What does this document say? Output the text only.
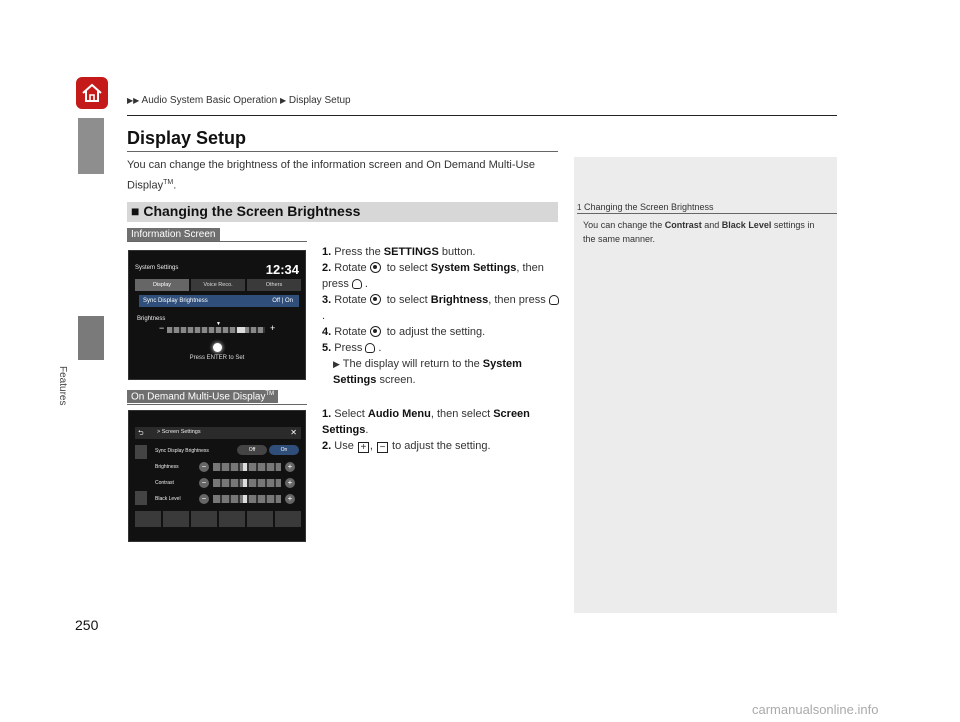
▶▶ Audio System Basic Operation ▶ Display Setup
Features
Display Setup
You can change the brightness of the information screen and On Demand Multi-Use Display™.
■ Changing the Screen Brightness
Information Screen
System Settings	12:34
Display	Voice Reco.	Others
Sync Display Brightness	Off | On
Brightness
−	▼	+
Press ENTER to Set
1. Press the SETTINGS button.
2. Rotate to select System Settings, then press .
3. Rotate to select Brightness, then press.
4. Rotate to adjust the setting.
5. Press .
▶ The display will return to the System Settings screen.
On Demand Multi-Use Display™
⮌ > Screen Settings	✕
Sync Display Brightness	Off	On
Brightness	−	+
Contrast	−	+
Black Level	−	+
1. Select Audio Menu, then select Screen Settings.
2. Use + , − to adjust the setting.
1 Changing the Screen Brightness
You can change the Contrast and Black Level settings in the same manner.
250
carmanualsonline.info
